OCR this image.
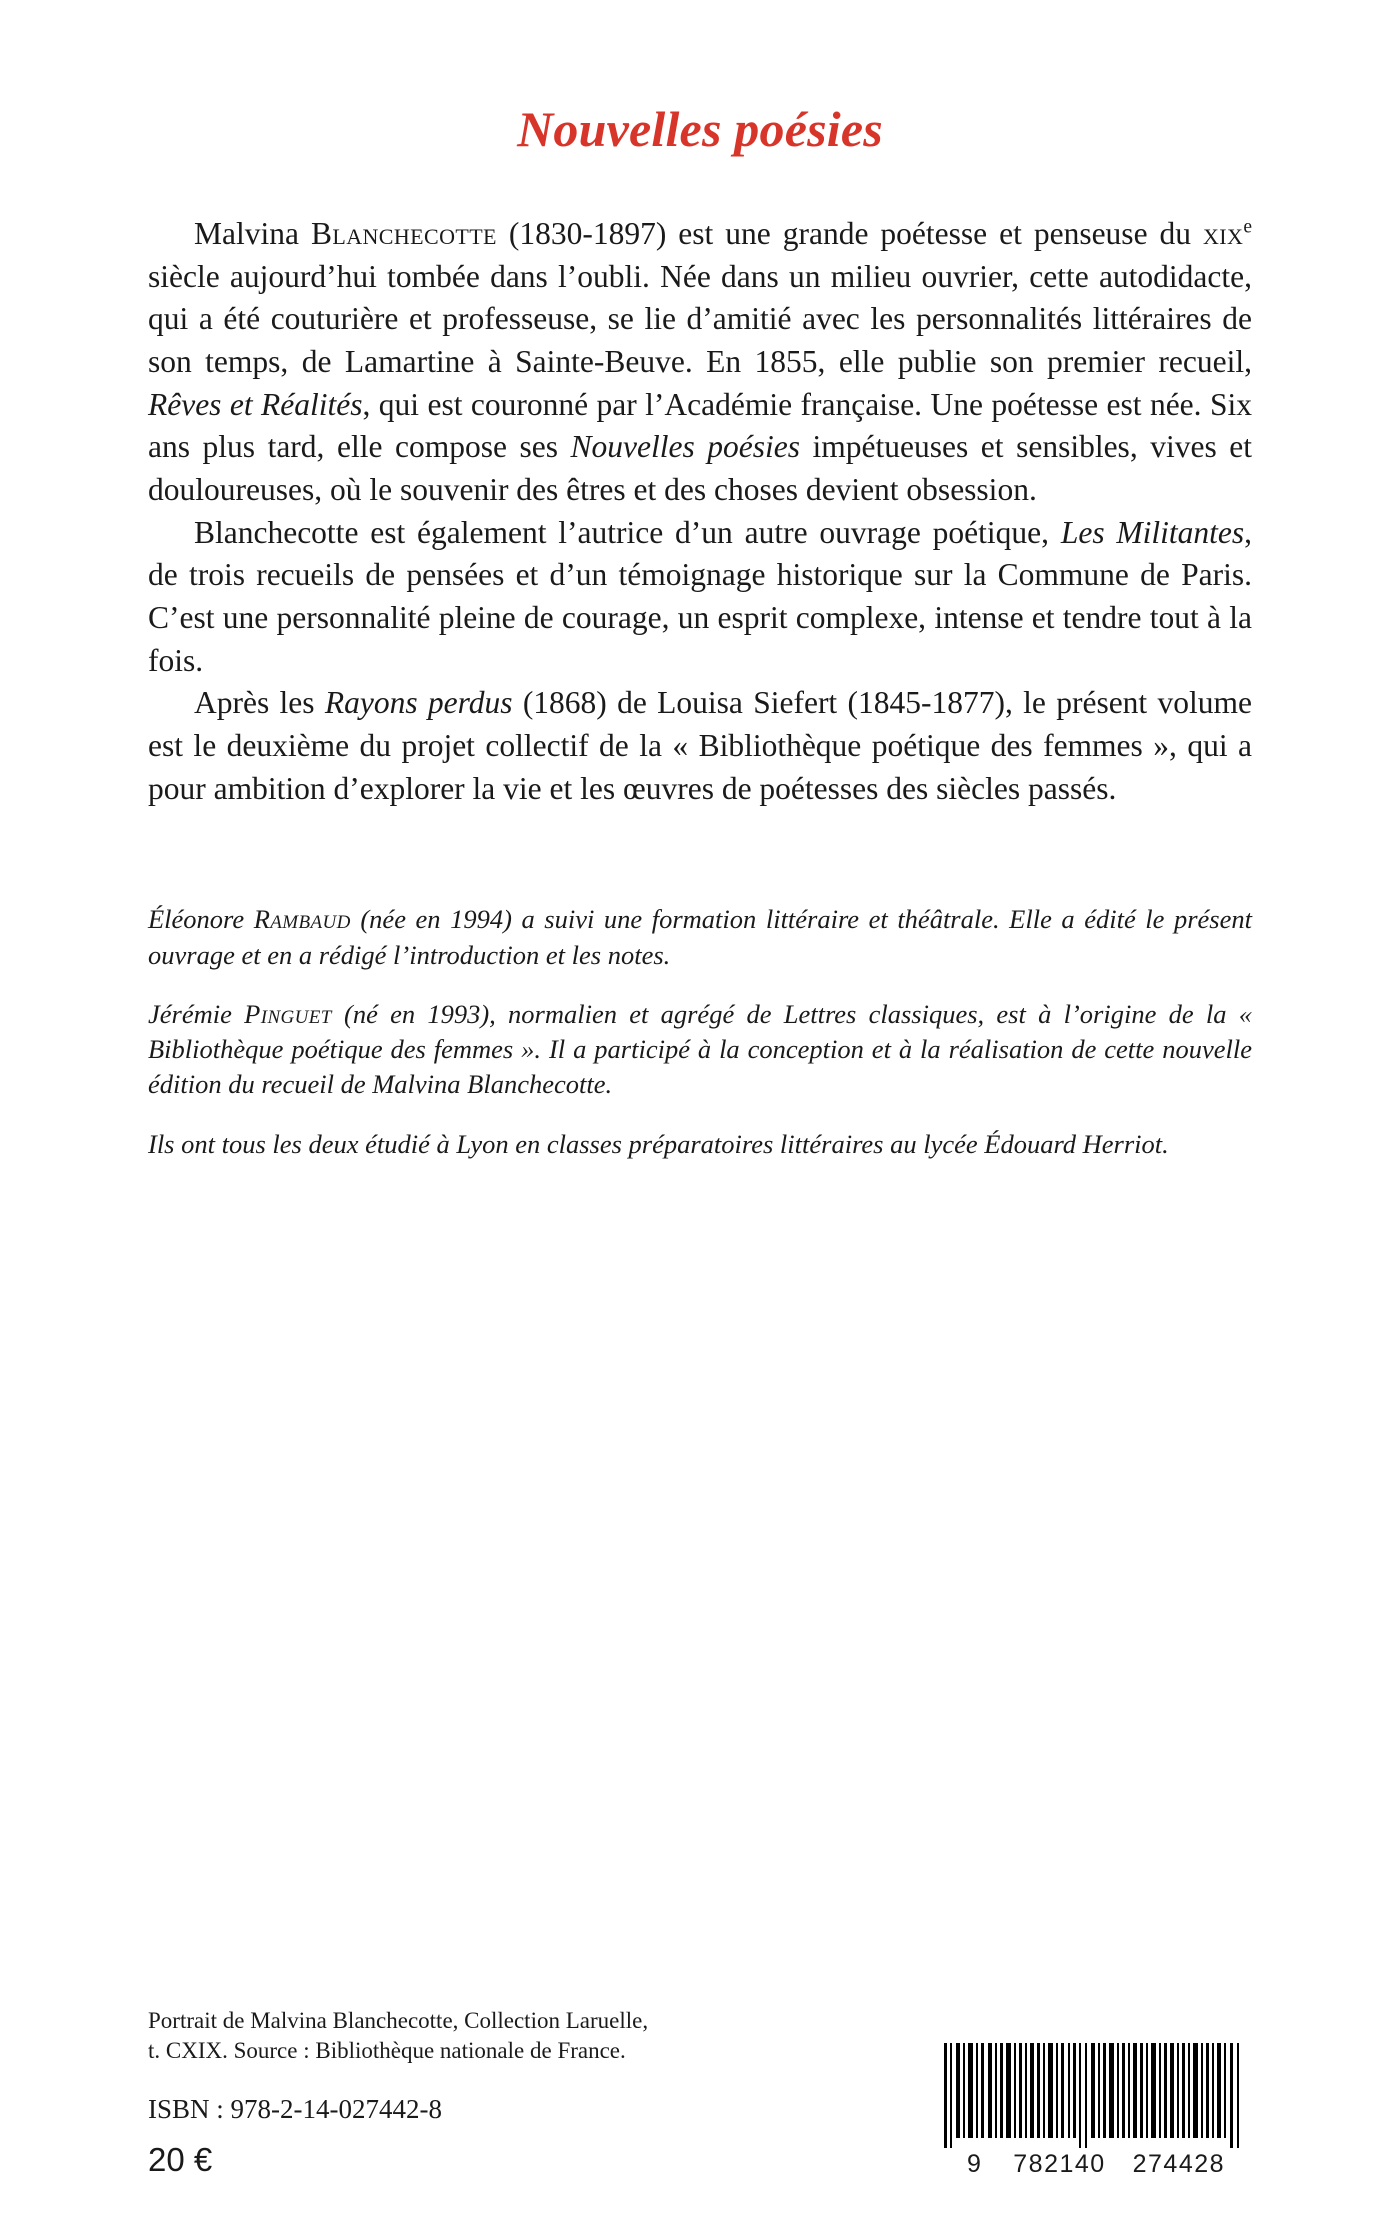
Nouvelles poésies

Malvina Blanchecotte (1830-1897) est une grande poétesse et penseuse du xix$^e$ siècle aujourd’hui tombée dans l’oubli. Née dans un milieu ouvrier, cette autodidacte, qui a été couturière et professeuse, se lie d’amitié avec les personnalités littéraires de son temps, de Lamartine à Sainte-Beuve. En 1855, elle publie son premier recueil, Rêves et Réalités, qui est couronné par l’Académie française. Une poétesse est née. Six ans plus tard, elle compose ses Nouvelles poésies impétueuses et sensibles, vives et douloureuses, où le souvenir des êtres et des choses devient obsession.

Blanchecotte est également l’autrice d’un autre ouvrage poétique, Les Militantes, de trois recueils de pensées et d’un témoignage historique sur la Commune de Paris. C’est une personnalité pleine de courage, un esprit complexe, intense et tendre tout à la fois.

Après les Rayons perdus (1868) de Louisa Siefert (1845-1877), le présent volume est le deuxième du projet collectif de la « Bibliothèque poétique des femmes », qui a pour ambition d’explorer la vie et les œuvres de poétesses des siècles passés.

Éléonore Rambaud (née en 1994) a suivi une formation littéraire et théâtrale. Elle a édité le présent ouvrage et en a rédigé l’introduction et les notes.

Jérémie Pinguet (né en 1993), normalien et agrégé de Lettres classiques, est à l’origine de la « Bibliothèque poétique des femmes ». Il a participé à la conception et à la réalisation de cette nouvelle édition du recueil de Malvina Blanchecotte.

Ils ont tous les deux étudié à Lyon en classes préparatoires littéraires au lycée Édouard Herriot.

Portrait de Malvina Blanchecotte, Collection Laruelle,
t. CXIX. Source : Bibliothèque nationale de France.

ISBN : 978-2-14-027442-8

20 €	9 782140 274428
